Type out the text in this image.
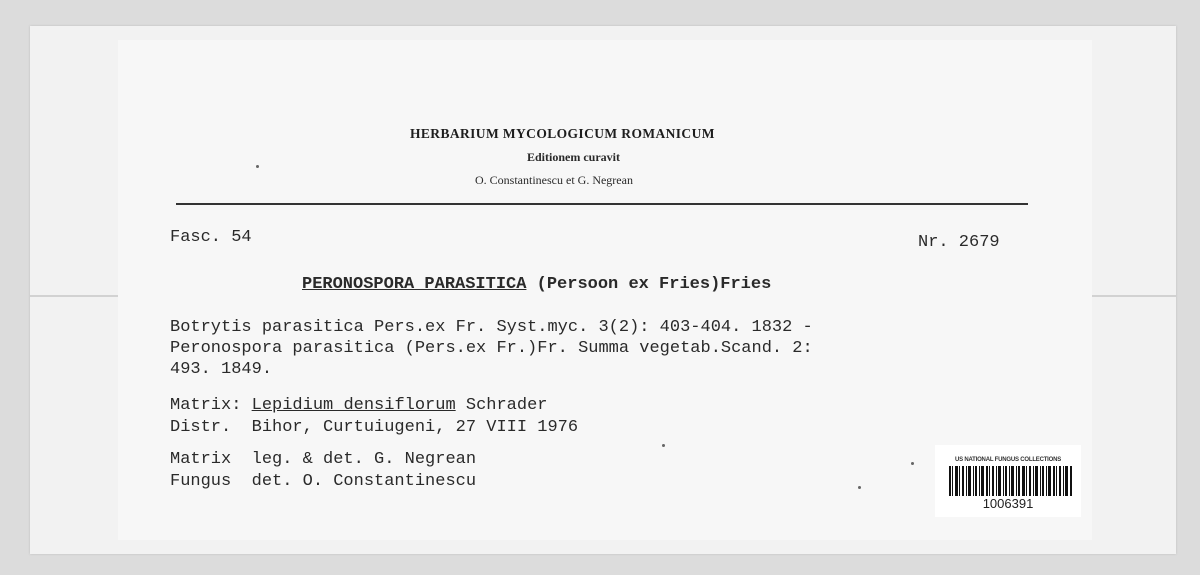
HERBARIUM MYCOLOGICUM ROMANICUM
Editionem curavit
O. Constantinescu et G. Negrean
Fasc. 54	Nr. 2679
PERONOSPORA PARASITICA (Persoon ex Fries)Fries
Botrytis parasitica Pers.ex Fr. Syst.myc. 3(2): 403-404. 1832 -
Peronospora parasitica (Pers.ex Fr.)Fr. Summa vegetab.Scand. 2:
493. 1849.
Matrix: Lepidium densiflorum Schrader
Distr.  Bihor, Curtuiugeni, 27 VIII 1976
Matrix  leg. & det. G. Negrean
Fungus  det. O. Constantinescu
US NATIONAL FUNGUS COLLECTIONS
1006391
